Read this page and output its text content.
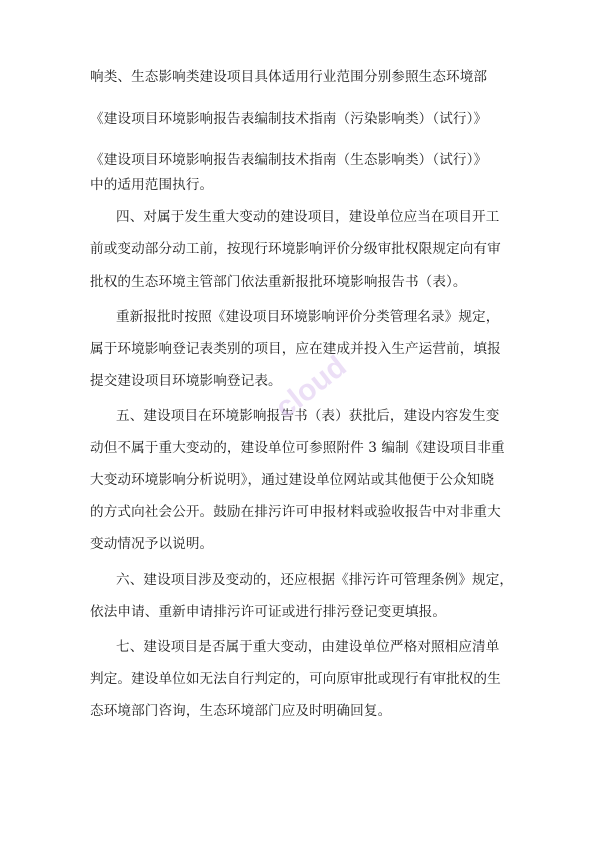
响类、生态影响类建设项目具体适用行业范围分别参照生态环境部
《建设项目环境影响报告表编制技术指南（污染影响类）（试行）》
《建设项目环境影响报告表编制技术指南（生态影响类）（试行）》
中的适用范围执行。
四、对属于发生重大变动的建设项目，建设单位应当在项目开工
前或变动部分动工前，按现行环境影响评价分级审批权限规定向有审
批权的生态环境主管部门依法重新报批环境影响报告书（表）。
重新报批时按照《建设项目环境影响评价分类管理名录》规定，
属于环境影响登记表类别的项目，应在建成并投入生产运营前，填报
提交建设项目环境影响登记表。
五、建设项目在环境影响报告书（表）获批后，建设内容发生变
动但不属于重大变动的，建设单位可参照附件 3 编制《建设项目非重
大变动环境影响分析说明》，通过建设单位网站或其他便于公众知晓
的方式向社会公开。鼓励在排污许可申报材料或验收报告中对非重大
变动情况予以说明。
六、建设项目涉及变动的，还应根据《排污许可管理条例》规定，
依法申请、重新申请排污许可证或进行排污登记变更填报。
七、建设项目是否属于重大变动，由建设单位严格对照相应清单
判定。建设单位如无法自行判定的，可向原审批或现行有审批权的生
态环境部门咨询，生态环境部门应及时明确回复。
cloud
